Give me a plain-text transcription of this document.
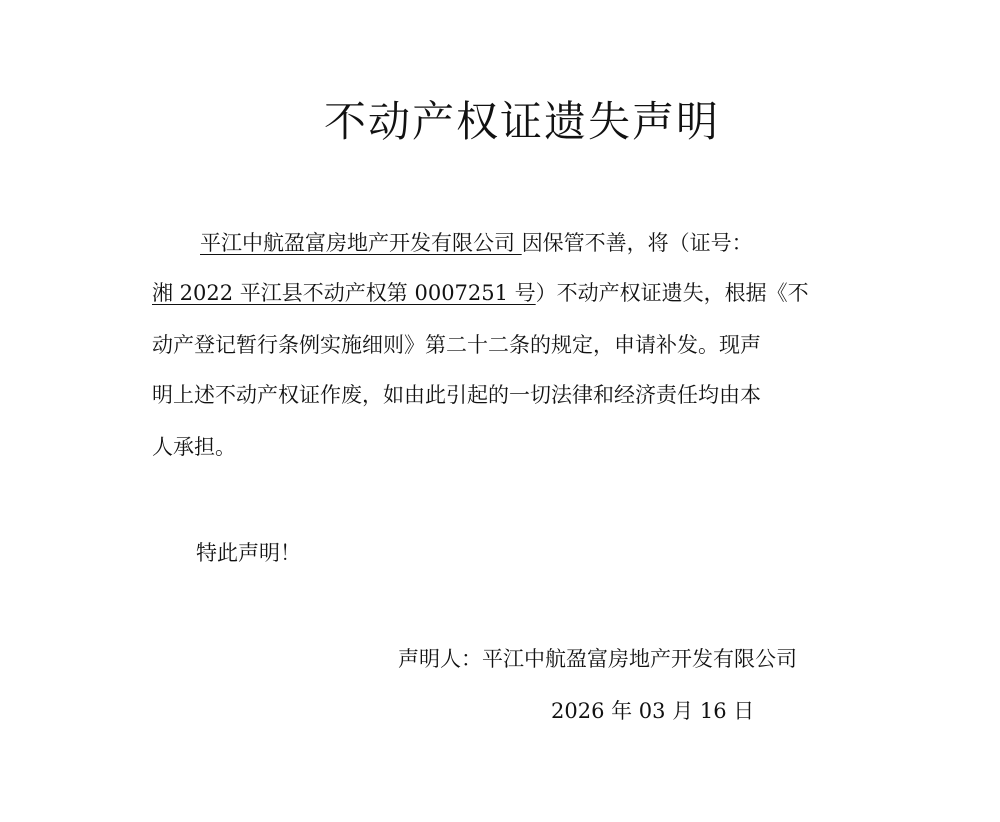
不动产权证遗失声明

平江中航盈富房地产开发有限公司 因保管不善，将（证号：

湘 2022 平江县不动产权第 0007251 号）不动产权证遗失，根据《不

动产登记暂行条例实施细则》第二十二条的规定，申请补发。现声

明上述不动产权证作废，如由此引起的一切法律和经济责任均由本

人承担。

特此声明！

声明人：平江中航盈富房地产开发有限公司

2026 年 03 月 16 日
